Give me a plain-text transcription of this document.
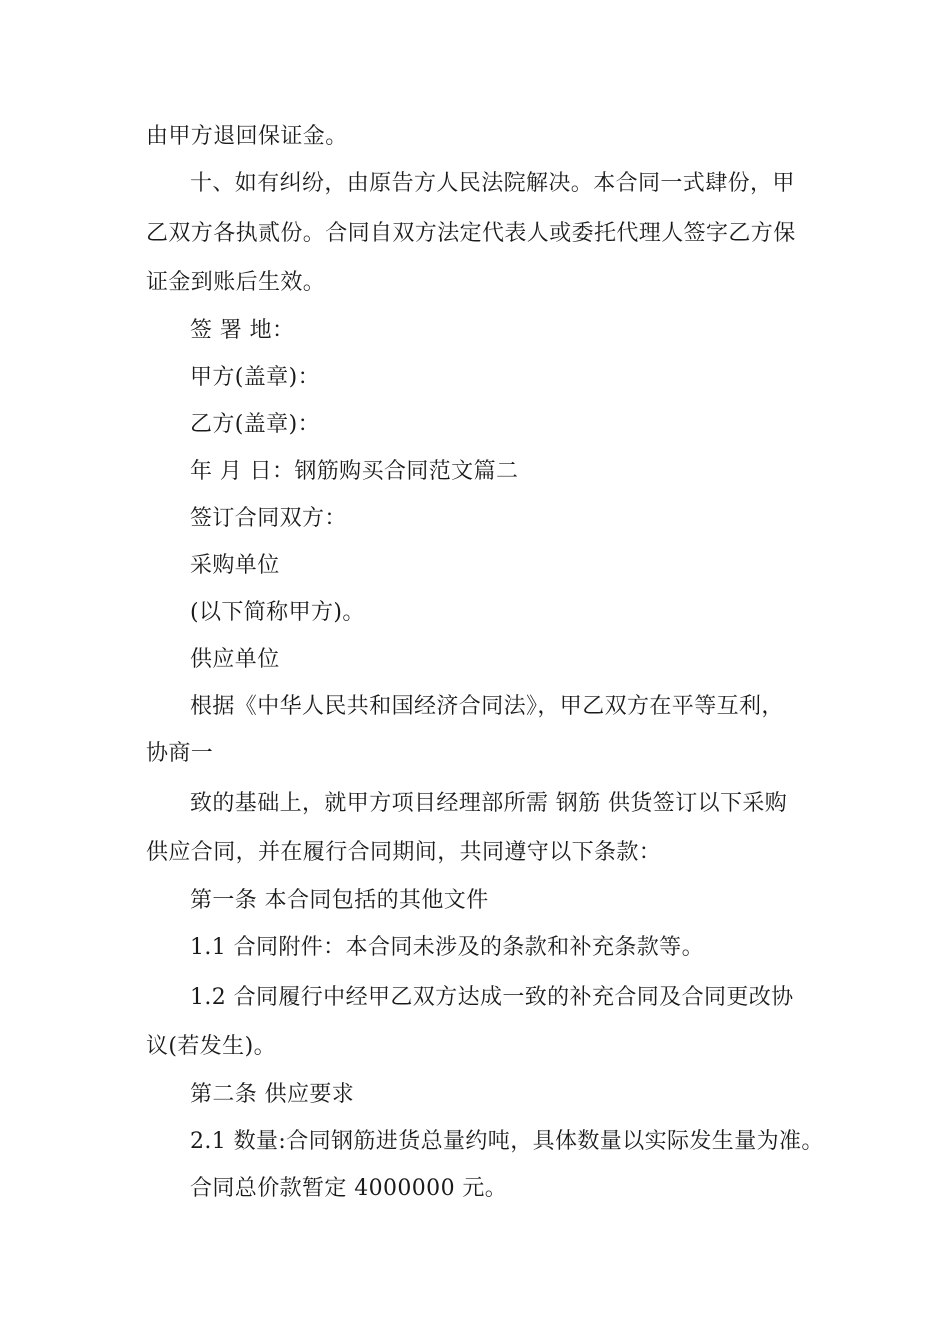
由甲方退回保证金。
十、如有纠纷，由原告方人民法院解决。本合同一式肆份，甲
乙双方各执贰份。合同自双方法定代表人或委托代理人签字乙方保
证金到账后生效。
签 署 地：
甲方(盖章)：
乙方(盖章)：
年 月 日：钢筋购买合同范文篇二
签订合同双方：
采购单位
(以下简称甲方)。
供应单位
根据《中华人民共和国经济合同法》，甲乙双方在平等互利，
协商一
致的基础上，就甲方项目经理部所需 钢筋 供货签订以下采购
供应合同，并在履行合同期间，共同遵守以下条款：
第一条 本合同包括的其他文件
1.1 合同附件：本合同未涉及的条款和补充条款等。
1.2 合同履行中经甲乙双方达成一致的补充合同及合同更改协
议(若发生)。
第二条 供应要求
2.1 数量:合同钢筋进货总量约吨，具体数量以实际发生量为准。
合同总价款暂定 4000000 元。
